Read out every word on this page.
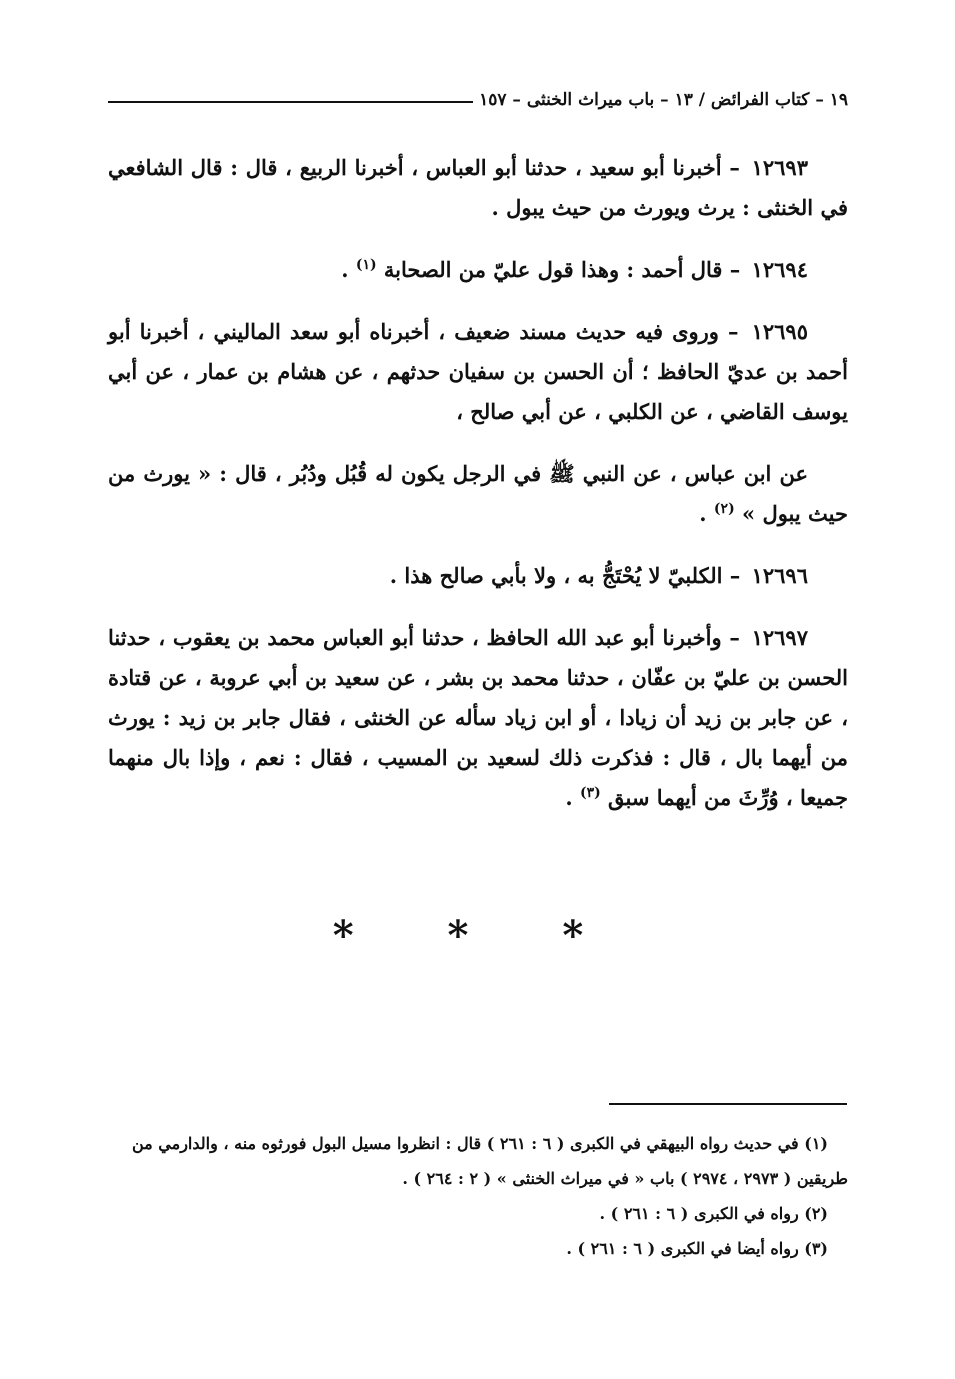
١٩ – كتاب الفرائض / ١٣ – باب ميراث الخنثى – ١٥٧

١٢٦٩٣ – أخبرنا أبو سعيد ، حدثنا أبو العباس ، أخبرنا الربيع ، قال : قال الشافعي في الخنثى : يرث ويورث من حيث يبول .

١٢٦٩٤ – قال أحمد : وهذا قول عليّ من الصحابة $^{(١)}$ .

١٢٦٩٥ – وروى فيه حديث مسند ضعيف ، أخبرناه أبو سعد الماليني ، أخبرنا أبو أحمد بن عديّ الحافظ ؛ أن الحسن بن سفيان حدثهم ، عن هشام بن عمار ، عن أبي يوسف القاضي ، عن الكلبي ، عن أبي صالح ،

عن ابن عباس ، عن النبي ﷺ في الرجل يكون له قُبُل ودُبُر ، قال : « يورث من حيث يبول » $^{(٢)}$ .

١٢٦٩٦ – الكلبيّ لا يُحْتَجُّ به ، ولا بأبي صالح هذا .

١٢٦٩٧ – وأخبرنا أبو عبد الله الحافظ ، حدثنا أبو العباس محمد بن يعقوب ، حدثنا الحسن بن عليّ بن عفّان ، حدثنا محمد بن بشر ، عن سعيد بن أبي عروبة ، عن قتادة ، عن جابر بن زيد أن زيادا ، أو ابن زياد سأله عن الخنثى ، فقال جابر بن زيد : يورث من أيهما بال ، قال : فذكرت ذلك لسعيد بن المسيب ، فقال : نعم ، وإذا بال منهما جميعا ، وُرِّثَ من أيهما سبق $^{(٣)}$ .

* * *

(١) في حديث رواه البيهقي في الكبرى ( ٦ : ٢٦١ ) قال : انظروا مسيل البول فورثوه منه ، والدارمي من طريقين ( ٢٩٧٣ ، ٢٩٧٤ ) باب « في ميراث الخنثى » ( ٢ : ٢٦٤ ) .

(٢) رواه في الكبرى ( ٦ : ٢٦١ ) .

(٣) رواه أيضا في الكبرى ( ٦ : ٢٦١ ) .
